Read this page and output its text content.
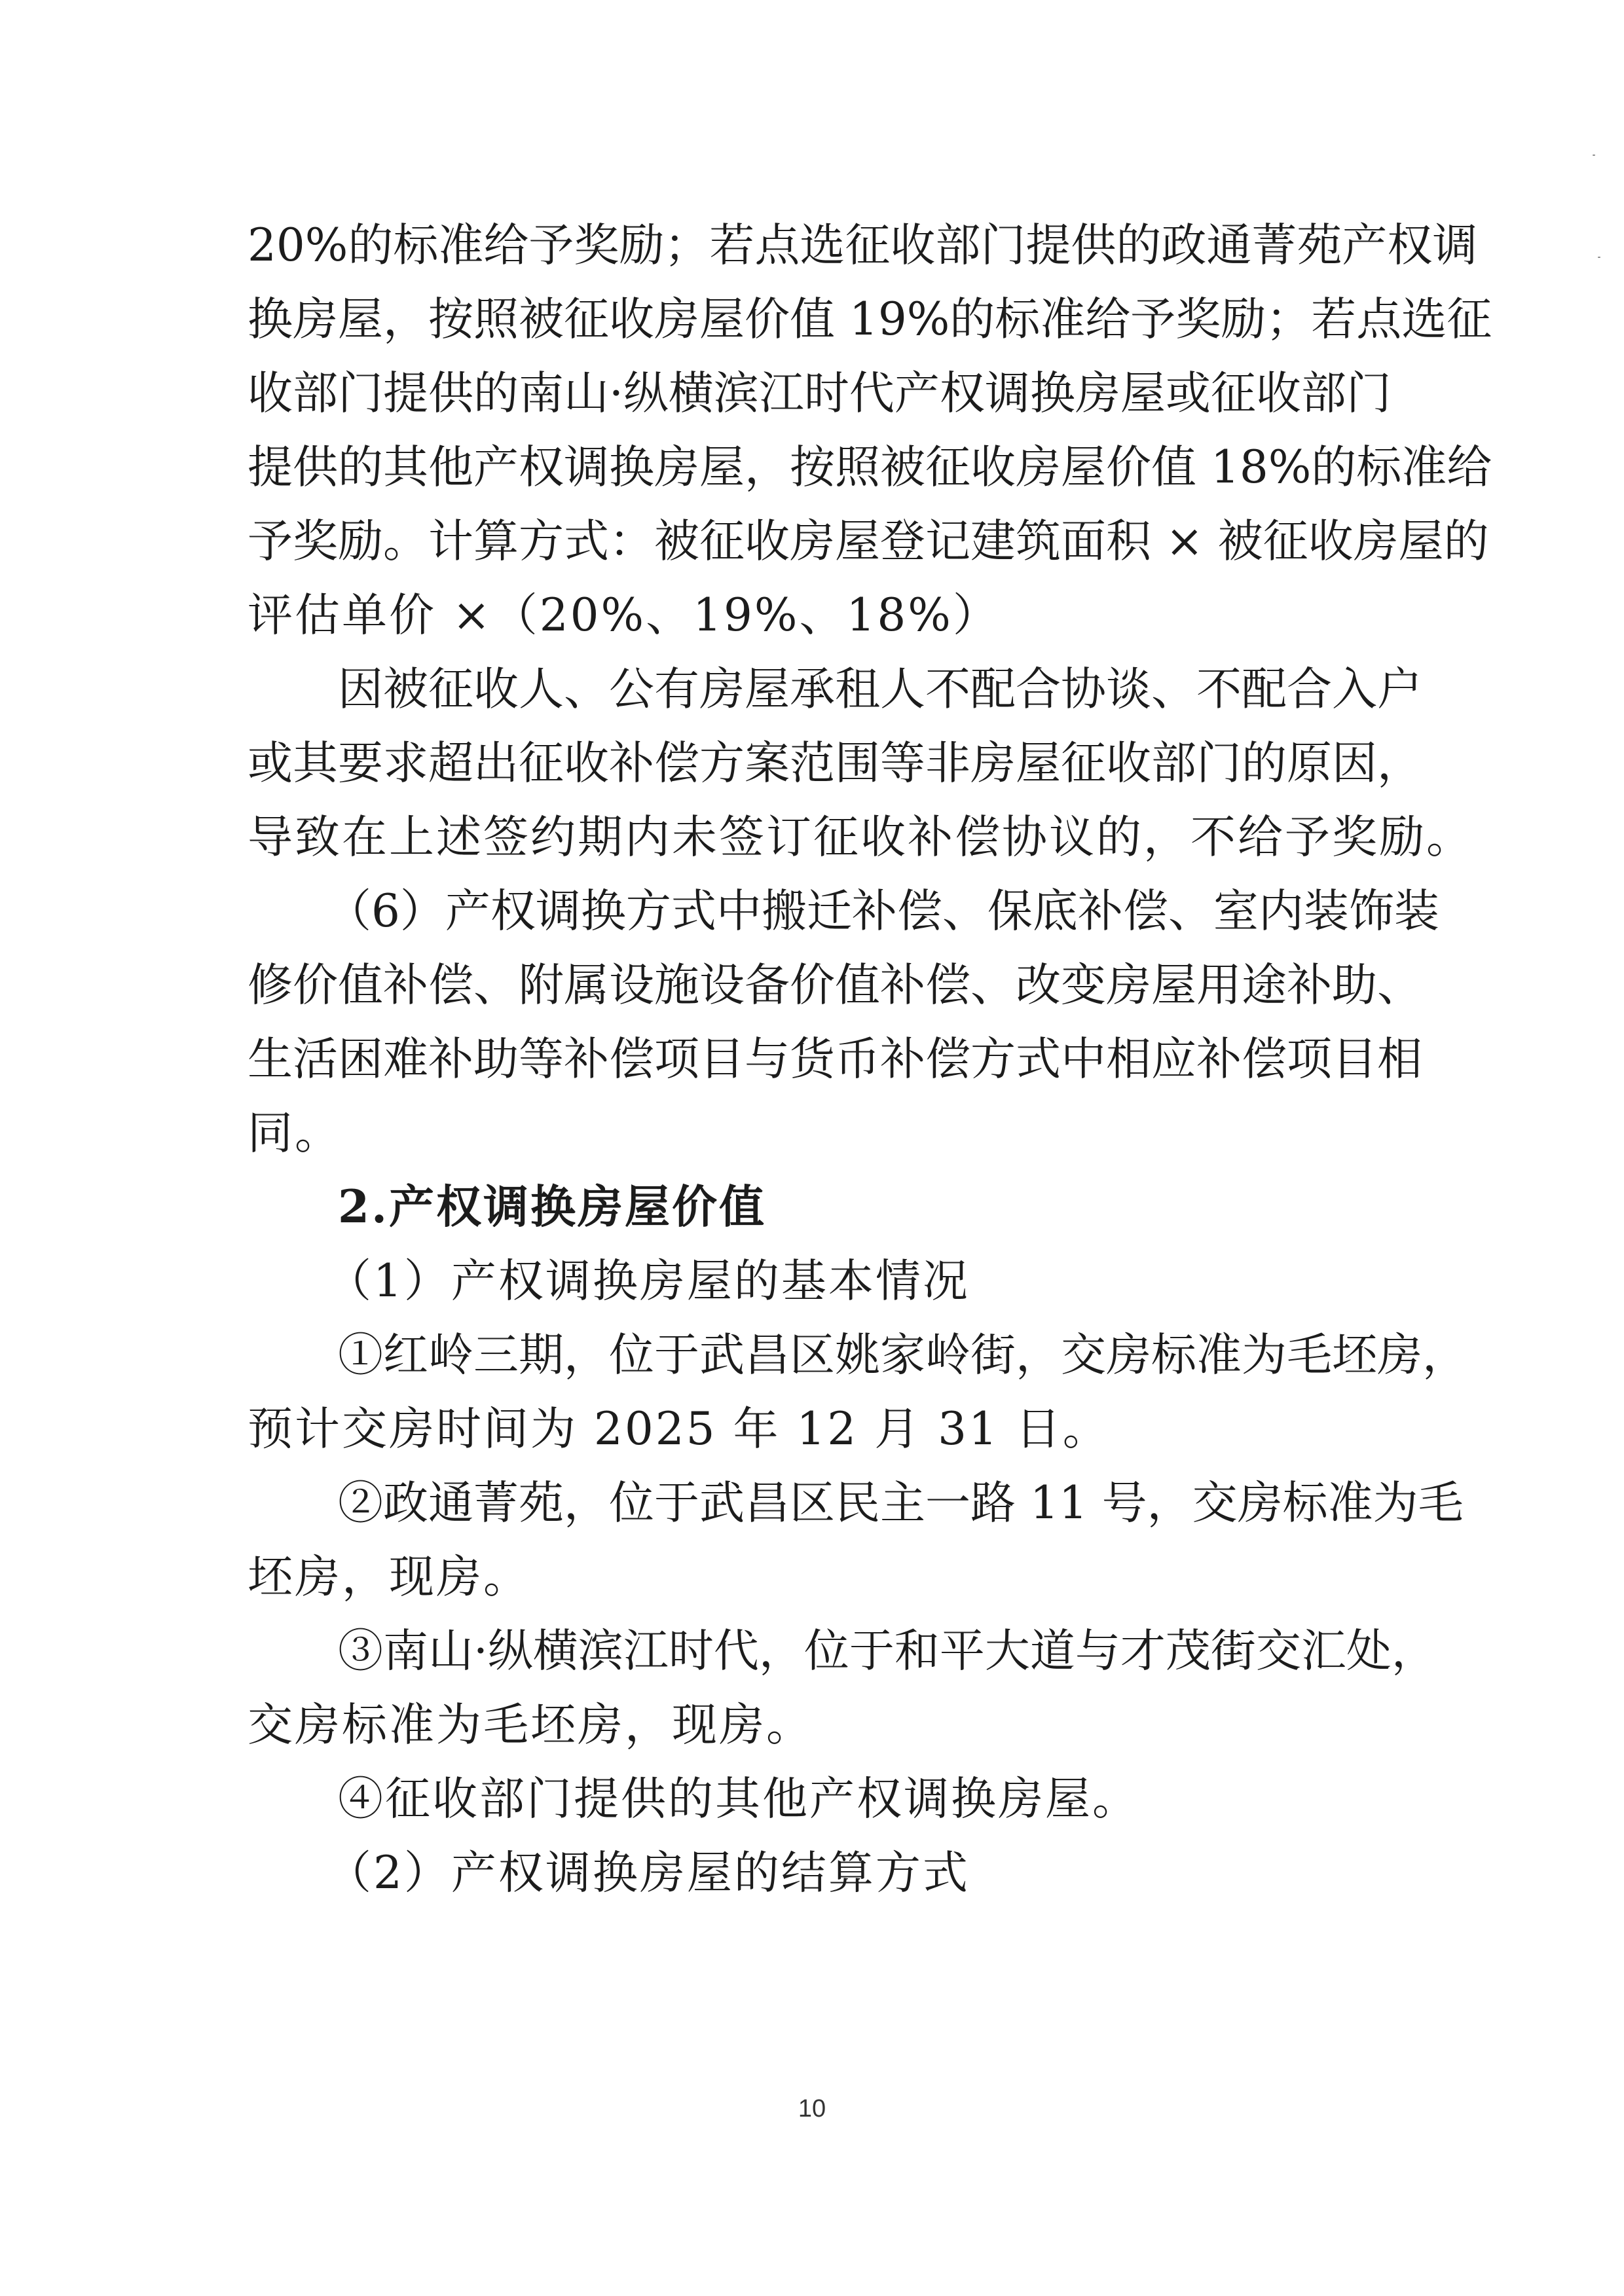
20%的标准给予奖励；若点选征收部门提供的政通菁苑产权调
换房屋，按照被征收房屋价值 19%的标准给予奖励；若点选征
收部门提供的南山·纵横滨江时代产权调换房屋或征收部门
提供的其他产权调换房屋，按照被征收房屋价值 18%的标准给
予奖励。计算方式：被征收房屋登记建筑面积 × 被征收房屋的
评估单价 ×（20%、19%、18%）
因被征收人、公有房屋承租人不配合协谈、不配合入户
或其要求超出征收补偿方案范围等非房屋征收部门的原因，
导致在上述签约期内未签订征收补偿协议的，不给予奖励。
（6）产权调换方式中搬迁补偿、保底补偿、室内装饰装
修价值补偿、附属设施设备价值补偿、改变房屋用途补助、
生活困难补助等补偿项目与货币补偿方式中相应补偿项目相
同。
2.产权调换房屋价值
（1）产权调换房屋的基本情况
①红岭三期，位于武昌区姚家岭街，交房标准为毛坯房，
预计交房时间为 2025 年 12 月 31 日。
②政通菁苑，位于武昌区民主一路 11 号，交房标准为毛
坯房，现房。
③南山·纵横滨江时代，位于和平大道与才茂街交汇处，
交房标准为毛坯房，现房。
④征收部门提供的其他产权调换房屋。
（2）产权调换房屋的结算方式
10
